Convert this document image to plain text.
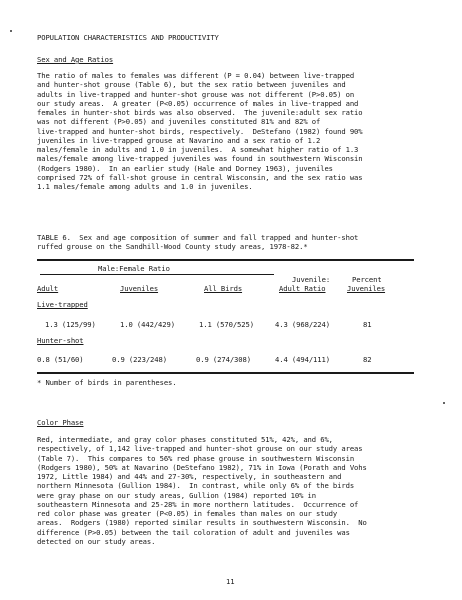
POPULATION CHARACTERISTICS AND PRODUCTIVITY
Sex and Age Ratios
The ratio of males to females was different (P = 0.04) between live-trapped
and hunter-shot grouse (Table 6), but the sex ratio between juveniles and
adults in live-trapped and hunter-shot grouse was not different (P>0.05) on
our study areas.  A greater (P<0.05) occurrence of males in live-trapped and
females in hunter-shot birds was also observed.  The juvenile:adult sex ratio
was not different (P>0.05) and juveniles constituted 81% and 82% of
live-trapped and hunter-shot birds, respectively.  DeStefano (1982) found 90%
juveniles in live-trapped grouse at Navarino and a sex ratio of 1.2
males/female in adults and 1.0 in juveniles.  A somewhat higher ratio of 1.3
males/female among live-trapped juveniles was found in southwestern Wisconsin
(Rodgers 1980).  In an earlier study (Hale and Dorney 1963), juveniles
comprised 72% of fall-shot grouse in central Wisconsin, and the sex ratio was
1.1 males/female among adults and 1.0 in juveniles.
TABLE 6.  Sex and age composition of summer and fall trapped and hunter-shot
ruffed grouse on the Sandhill-Wood County study areas, 1978-82.*
Male:Female Ratio
Juvenile:	Percent
Adult	Juveniles	All Birds	Adult Ratio	Juveniles
Live-trapped
1.3 (125/99)	1.0 (442/429)	1.1 (570/525)	4.3 (968/224)	81
Hunter-shot
0.8 (51/60)	0.9 (223/248)	0.9 (274/308)	4.4 (494/111)	82
* Number of birds in parentheses.
Color Phase
Red, intermediate, and gray color phases constituted 51%, 42%, and 6%,
respectively, of 1,142 live-trapped and hunter-shot grouse on our study areas
(Table 7).  This compares to 56% red phase grouse in southwestern Wisconsin
(Rodgers 1980), 50% at Navarino (DeStefano 1982), 71% in Iowa (Porath and Vohs
1972, Little 1984) and 44% and 27-30%, respectively, in southeastern and
northern Minnesota (Gullion 1984).  In contrast, while only 6% of the birds
were gray phase on our study areas, Gullion (1984) reported 10% in
southeastern Minnesota and 25-28% in more northern latitudes.  Occurrence of
red color phase was greater (P<0.05) in females than males on our study
areas.  Rodgers (1980) reported similar results in southwestern Wisconsin.  No
difference (P>0.05) between the tail coloration of adult and juveniles was
detected on our study areas.
11
